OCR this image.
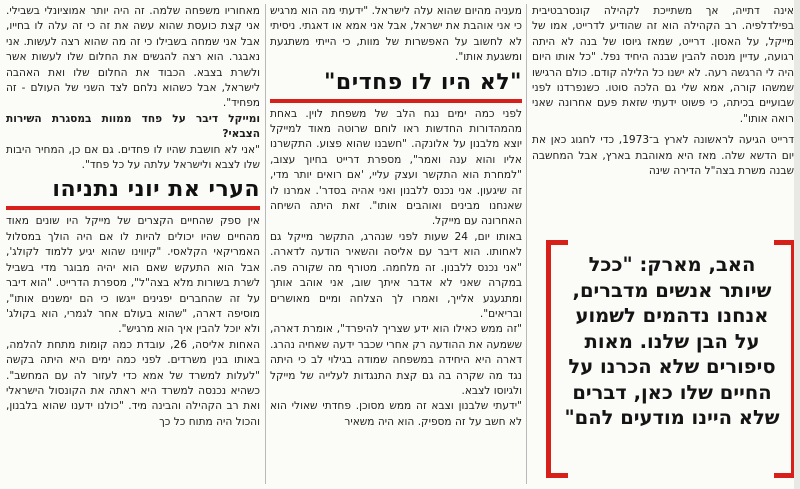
אינה דתייה, אך משתייכת לקהילה קונסרבטיבית בפילדלפיה. רב הקהילה הוא זה שהודיע לדרייט, אמו של מייקל, על האסון. דרייט, שמאז גיוסו של בנה לא היתה רגועה, עדיין מנסה להבין שבנה היחיד נפל. "כל אותו היום היה לי הרגשה רעה. לא ישנו כל הלילה קודם. כולם הרגישו שמשהו קורה, אמא שלי גם הלכה סוטו. כשנפרדנו לפני שבועיים בכיתה, כי פשוט ידעתי שזאת פעם אחרונה שאני רואה אותו".

דרייט הגיעה לראשונה לארץ ב־1973, כדי לחגוג כאן את יום הדשא שלה. מאז היא מאוהבת בארץ, אבל המחשבה שבנה משרת בצה"ל הדירה שינה

מעניה מהיום שהוא עלה לישראל. "ידעתי מה הוא מרגיש כי אני אוהבת את ישראל, אבל אני אמא או דאגתי. ניסיתי לא לחשוב על האפשרות של מוות, כי הייתי משתגעת ומשגעת אותו".

"לא היו לו פחדים"

לפני כמה ימים נגח הלב של משפחת לוין. באחת מהמהדורות החדשות ראו לוחם שרוטה מאוד למייקל יוצא מלבנון על אלונקה. "חשבנו שהוא פצוע. התקשרנו אליו והוא ענה ואמר", מספרת דרייט בחיוך עצוב, "למחרת הוא התקשר ועצק עליי, 'אם רואים יותר מדי, זה שיגעון. אני נכנס ללבנון ואני אהיה בסדר'. אמרנו לו שאנחנו מבינים ואוהבים אותו". זאת היתה השיחה האחרונה עם מייקל.

באותו יום, 24 שעות לפני שנהרג, התקשר מייקל גם לאחותו. הוא דיבר עם אליסה והשאיר הודעה לדארה. "אני נכנס ללבנון. זה מלחמה. מטורף מה שקורה פה. במקרה שאני לא אדבר איתך שוב, אני אוהב אותך ומתגעגע אלייך, ואמרו לך הצלחה ומיים מאושרים ובריאים".

"זה ממש כאילו הוא ידע שצריך להיפרד", אומרת דארה, ששמעה את ההודעה רק אחרי שכבר ידעה שאחיה נהרג. דארה היא היחידה במשפחה שמודה בגילוי לב כי היתה נגד מה שקרה בה גם קצת התנגדות לעלייה של מייקל ולגיוסו לצבא.

"ידעתי שלבנון וצבא זה ממש מסוכן. פחדתי שאולי הוא לא חשב על זה מספיק. הוא היה משאיר

מאחוריו משפחה שלמה. זה היה יותר אמוציונלי בשבילי. אני קצת כועסת שהוא עשה את זה כי זה עלה לו בחייו, אבל אני שמחה בשבילו כי זה מה שהוא רצה לעשות. אני נאבגר. הוא רצה להגשים את החלום שלו לעשות אשר ולשרת בצבא. הכבוד את החלום שלו ואת האהבה לישראל, אבל כשהוא נלחם לצד השני של העולם - זה מפחיד".

ומייקל דיבר על פחד ממוות במסגרת השירות הצבאי?

"אני לא חושבת שהיו לו פחדים. גם אם כן, המחיר היבות שלו לצבא ולישראל עלתה על כל פחד".

הערי את יוני נתניהו

אין ספק שהחיים הקצרים של מייקל היו שונים מאוד מהחיים שהיו יכולים להיות לו אם היה הולך במסלול האמריקאי הקלאסי. "קיווינו שהוא יגיע ללמוד לקולג', אבל הוא התעקש שאם הוא יהיה מבוגר מדי בשביל לשרת בשורות מלא בצה"ל", מספרת הדרייט. "הוא דיבר על זה שהחברים יפגינים ייגשו כי הם ימשנים אותו", מוסיפה דארה, "שהוא בעולם אחר לגמרי, הוא בקולג' ולא יוכל להבין איך הוא מרגיש".

האחות אליסה, 26, עובדת כמה קומות מתחת להלמה, באותו בנין משרדים. לפני כמה ימים היא היתה בקשה "לעלות למשרד של אמא כדי לעזור לה עם המחשב". כשהיא נכנסה למשרד היא ראתה את הקונסול הישראלי ואת רב הקהילה והבינה מיד. "כולנו ידענו שהוא בלבנון, והכול היה מתוח כל כך

האב, מארק: "ככל שיותר אנשים מדברים, אנחנו נדהמים לשמוע על הבן שלנו. מאות סיפורים שלא הכרנו על החיים שלו כאן, דברים שלא היינו מודעים להם"
